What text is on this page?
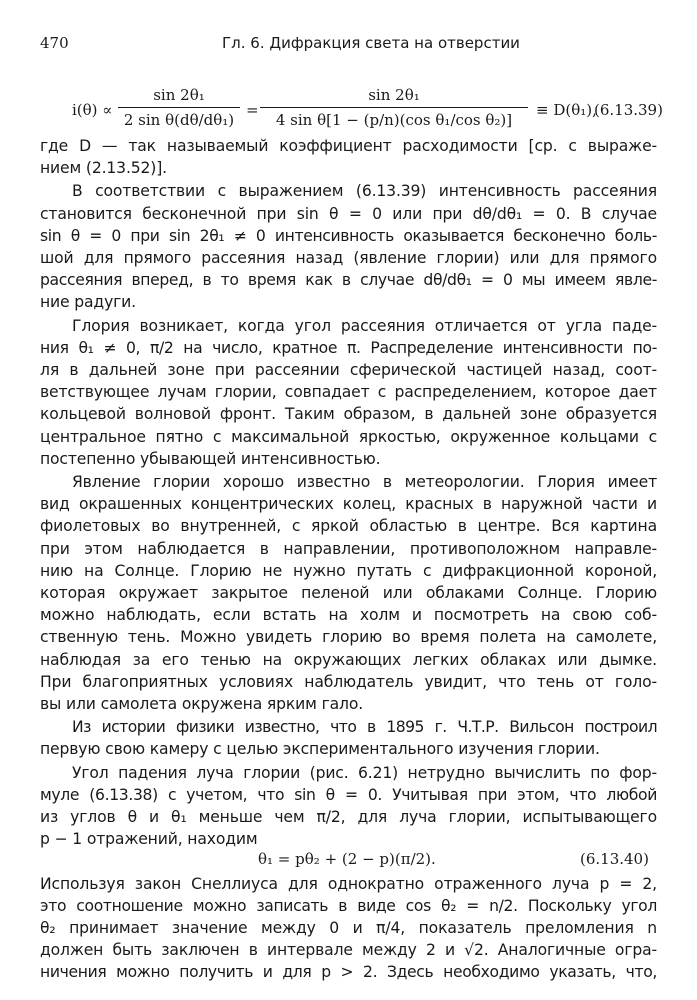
470	Гл. 6. Дифракция света на отверстии
i(θ) ∝
sin 2θ₁
2 sin θ(dθ/dθ₁)
=
sin 2θ₁
4 sin θ[1 − (p/n)(cos θ₁/cos θ₂)]
≡ D(θ₁),
(6.13.39)
где D — так называемый коэффициент расходимости [ср. с выраже-
нием (2.13.52)].
В соответствии с выражением (6.13.39) интенсивность рассеяния
становится бесконечной при sin θ = 0 или при dθ/dθ₁ = 0. В случае
sin θ = 0 при sin 2θ₁ ≠ 0 интенсивность оказывается бесконечно боль-
шой для прямого рассеяния назад (явление глории) или для прямого
рассеяния вперед, в то время как в случае dθ/dθ₁ = 0 мы имеем явле-
ние радуги.
Глория возникает, когда угол рассеяния отличается от угла паде-
ния θ₁ ≠ 0, π/2 на число, кратное π. Распределение интенсивности по-
ля в дальней зоне при рассеянии сферической частицей назад, соот-
ветствующее лучам глории, совпадает с распределением, которое дает
кольцевой волновой фронт. Таким образом, в дальней зоне образуется
центральное пятно с максимальной яркостью, окруженное кольцами с
постепенно убывающей интенсивностью.
Явление глории хорошо известно в метеорологии. Глория имеет
вид окрашенных концентрических колец, красных в наружной части и
фиолетовых во внутренней, с яркой областью в центре. Вся картина
при этом наблюдается в направлении, противоположном направле-
нию на Солнце. Глорию не нужно путать с дифракционной короной,
которая окружает закрытое пеленой или облаками Солнце. Глорию
можно наблюдать, если встать на холм и посмотреть на свою соб-
ственную тень. Можно увидеть глорию во время полета на самолете,
наблюдая за его тенью на окружающих легких облаках или дымке.
При благоприятных условиях наблюдатель увидит, что тень от голо-
вы или самолета окружена ярким гало.
Из истории физики известно, что в 1895 г. Ч.Т.Р. Вильсон построил
первую свою камеру с целью экспериментального изучения глории.
Угол падения луча глории (рис. 6.21) нетрудно вычислить по фор-
муле (6.13.38) с учетом, что sin θ = 0. Учитывая при этом, что любой
из углов θ и θ₁ меньше чем π/2, для луча глории, испытывающего
p − 1 отражений, находим
θ₁ = pθ₂ + (2 − p)(π/2).	(6.13.40)
Используя закон Снеллиуса для однократно отраженного луча p = 2,
это соотношение можно записать в виде cos θ₂ = n/2. Поскольку угол
θ₂ принимает значение между 0 и π/4, показатель преломления n
должен быть заключен в интервале между 2 и √2. Аналогичные огра-
ничения можно получить и для p > 2. Здесь необходимо указать, что,
